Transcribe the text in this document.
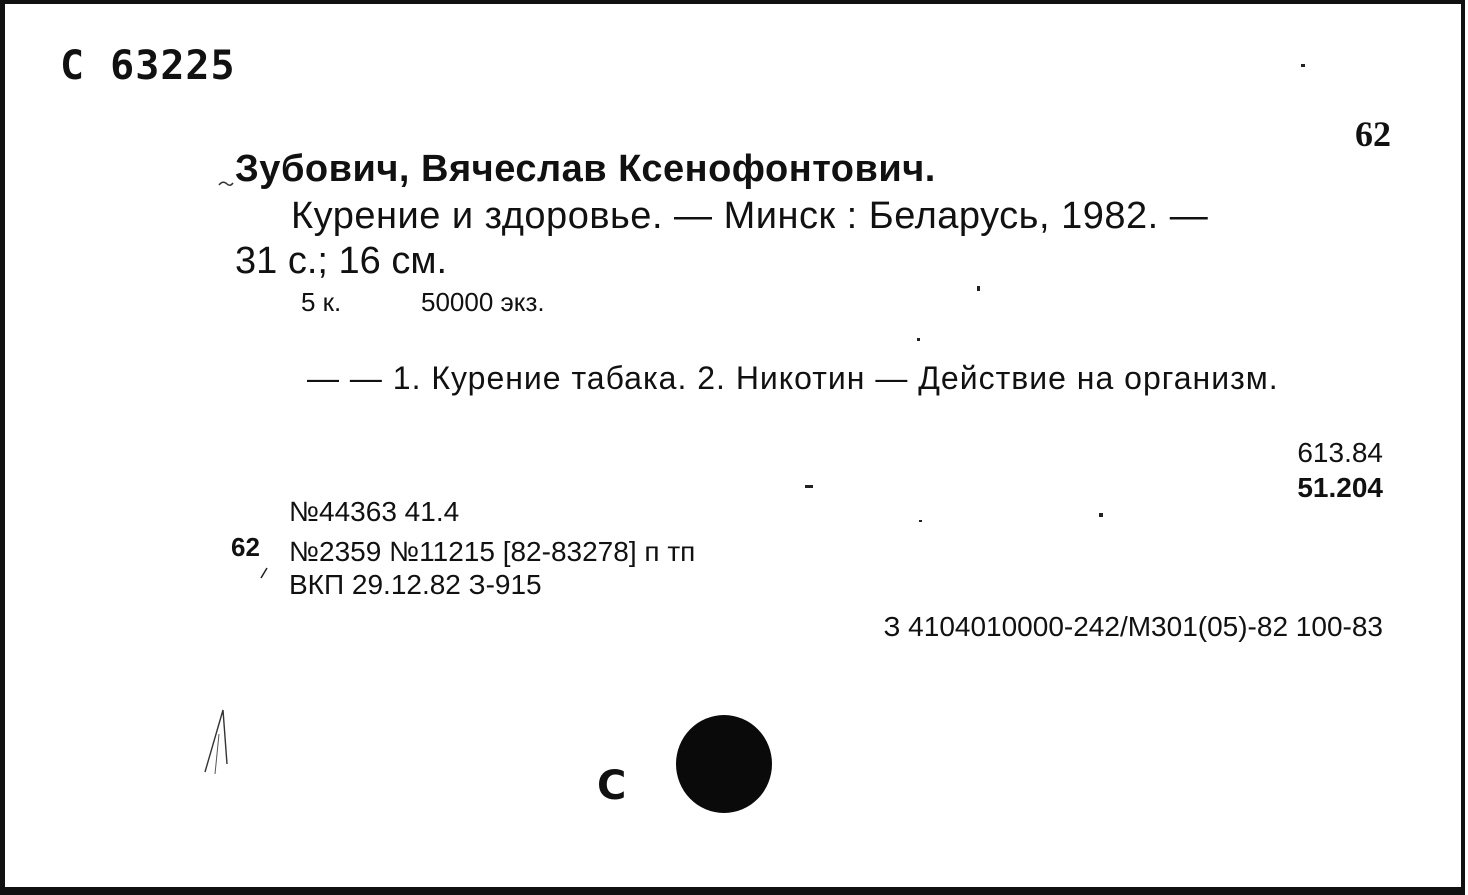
C 63225
62
Зубович, Вячеслав Ксенофонтович.
Курение и здоровье. — Минск : Беларусь, 1982. —
31 с.; 16 см.
5 к.	50000 экз.
— — 1. Курение табака. 2. Никотин — Действие на организм.
613.84
51.204
№44363 41.4
62 №2359 №11215 [82-83278] п тп
ВКП 29.12.82 З-915
З 4104010000-242/М301(05)-82 100-83
С
